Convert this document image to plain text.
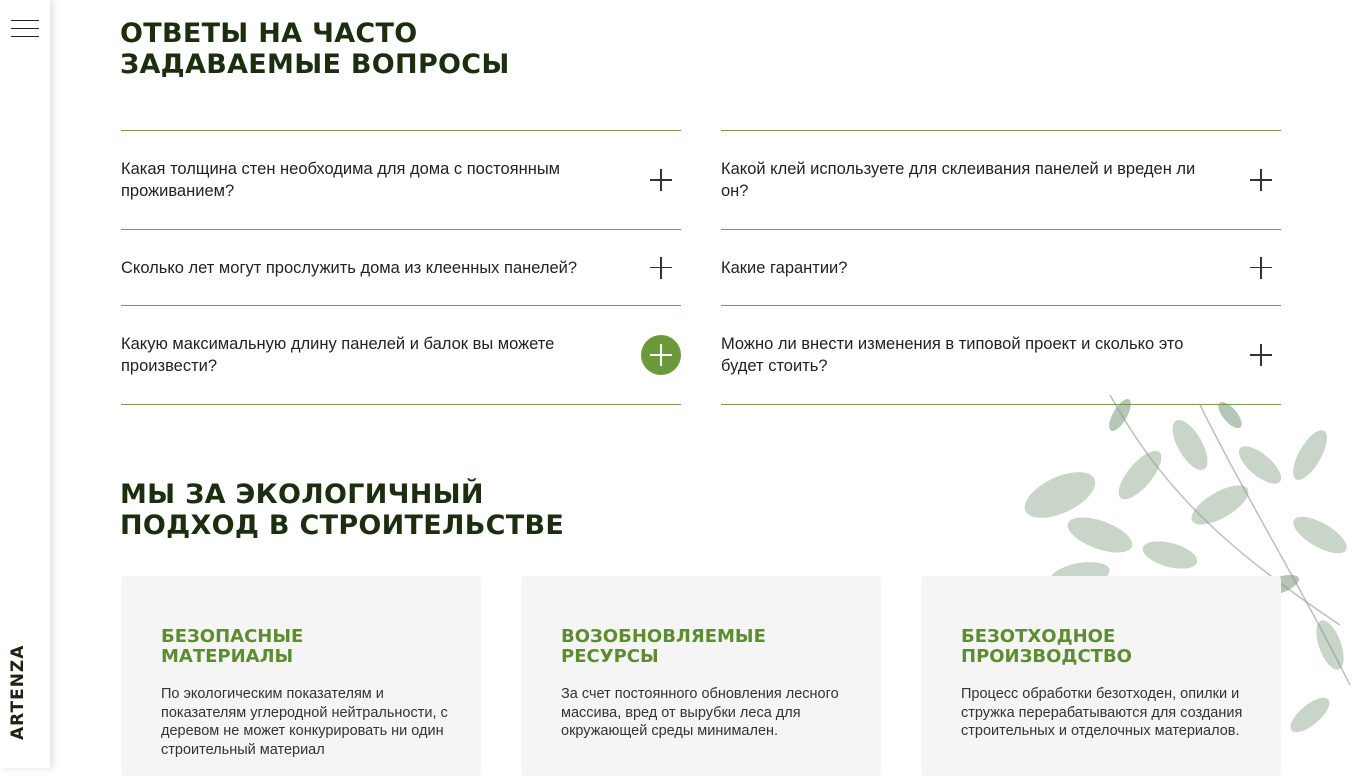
ARTENZA
ОТВЕТЫ НА ЧАСТО
ЗАДАВАЕМЫЕ ВОПРОСЫ
Какая толщина стен необходима для дома с постоянным проживанием?
Сколько лет могут прослужить дома из клеенных панелей?
Какую максимальную длину панелей и балок вы можете произвести?
Какой клей используете для склеивания панелей и вреден ли он?
Какие гарантии?
Можно ли внести изменения в типовой проект и сколько это будет стоить?
МЫ ЗА ЭКОЛОГИЧНЫЙ
ПОДХОД В СТРОИТЕЛЬСТВЕ
БЕЗОПАСНЫЕ
МАТЕРИАЛЫ

По экологическим показателям и показателям углеродной нейтральности, с деревом не может конкурировать ни один строительный материал

ВОЗОБНОВЛЯЕМЫЕ
РЕСУРСЫ

За счет постоянного обновления лесного массива, вред от вырубки леса для окружающей среды минимален.

БЕЗОТХОДНОЕ
ПРОИЗВОДСТВО

Процесс обработки безотходен, опилки и стружка перерабатываются для создания строительных и отделочных материалов.
